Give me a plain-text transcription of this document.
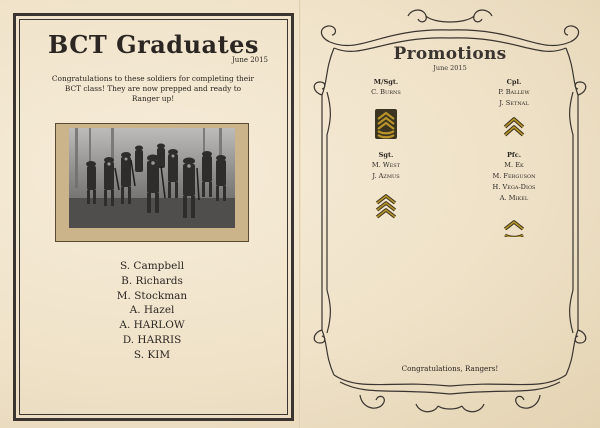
BCT Graduates
June 2015
Congratulations to these soldiers for completing their BCT class! They are now prepped and ready to Ranger up!
S. Campbell
B. Richards
M. Stockman
A. Hazel
A. HARLOW
D. HARRIS
S. KIM
Promotions
June 2015
M/Sgt.
C. Burns
Cpl.
P. Ballew
J. Setnal
Sgt.
M. West
J. Azmus
Pfc.
M. Ek
M. Ferguson
H. Vega-Dios
A. Mikel
Congratulations, Rangers!
